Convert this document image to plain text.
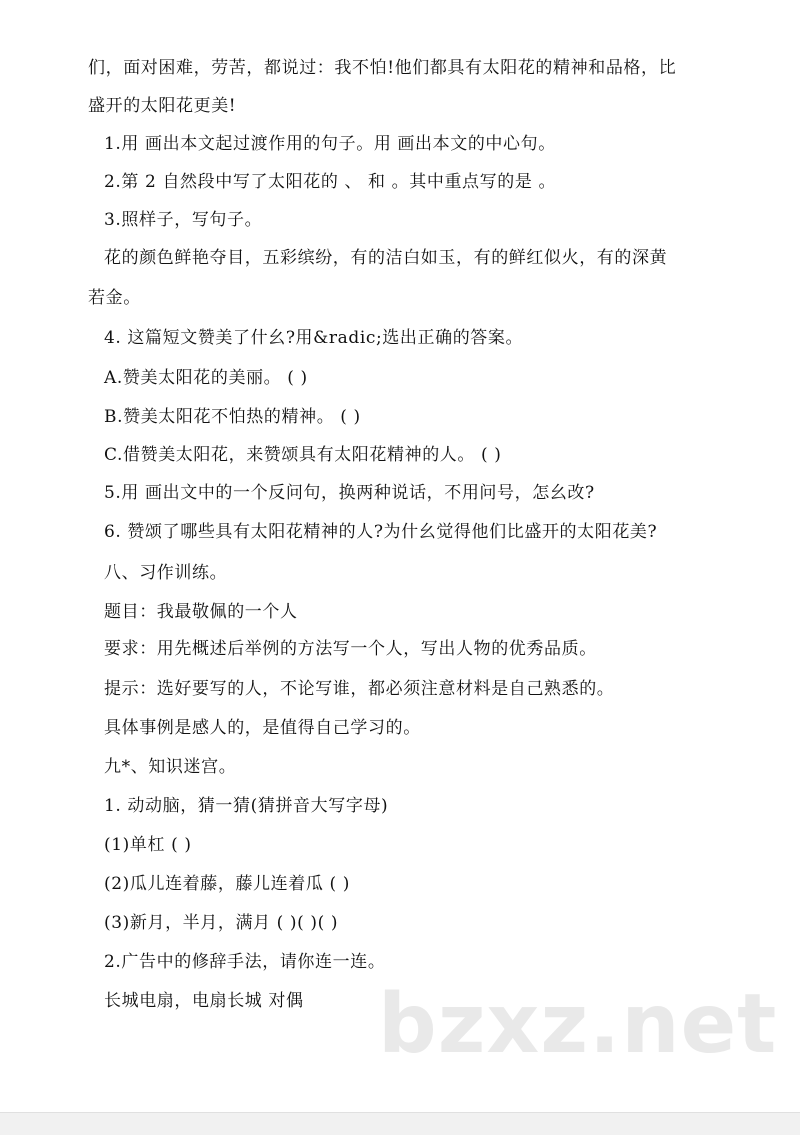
们，面对困难，劳苦，都说过：我不怕!他们都具有太阳花的精神和品格，比
盛开的太阳花更美!
1.用 画出本文起过渡作用的句子。用 画出本文的中心句。
2.第 2 自然段中写了太阳花的 、 和 。其中重点写的是 。
3.照样子，写句子。
花的颜色鲜艳夺目，五彩缤纷，有的洁白如玉，有的鲜红似火，有的深黄
若金。
4. 这篇短文赞美了什幺?用&radic;选出正确的答案。
A.赞美太阳花的美丽。 ( )
B.赞美太阳花不怕热的精神。 ( )
C.借赞美太阳花，来赞颂具有太阳花精神的人。 ( )
5.用 画出文中的一个反问句，换两种说话，不用问号，怎幺改?
6. 赞颂了哪些具有太阳花精神的人?为什幺觉得他们比盛开的太阳花美?
八、习作训练。
题目：我最敬佩的一个人
要求：用先概述后举例的方法写一个人，写出人物的优秀品质。
提示：选好要写的人，不论写谁，都必须注意材料是自己熟悉的。
具体事例是感人的，是值得自己学习的。
九*、知识迷宫。
1. 动动脑，猜一猜(猜拼音大写字母)
(1)单杠 ( )
(2)瓜儿连着藤，藤儿连着瓜 ( )
(3)新月，半月，满月 ( )( )( )
2.广告中的修辞手法，请你连一连。
长城电扇，电扇长城 对偶 bzxz.net
